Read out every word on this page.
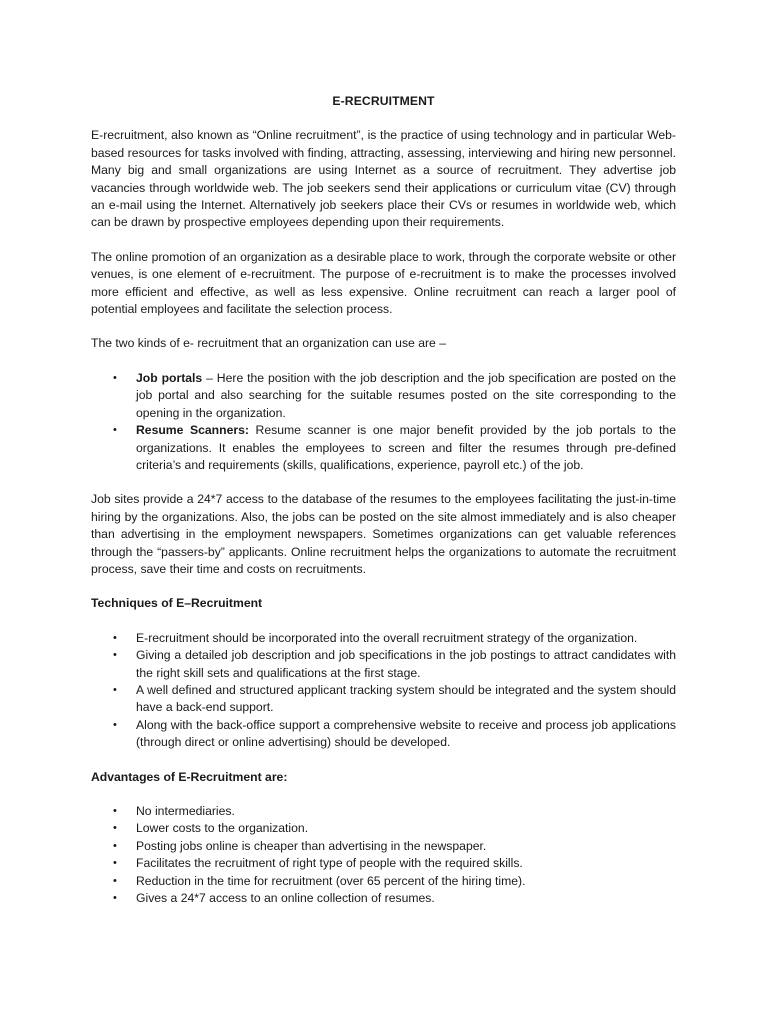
E-RECRUITMENT

E-recruitment, also known as “Online recruitment”, is the practice of using technology and in particular Web-based resources for tasks involved with finding, attracting, assessing, interviewing and hiring new personnel. Many big and small organizations are using Internet as a source of recruitment. They advertise job vacancies through worldwide web. The job seekers send their applications or curriculum vitae (CV) through an e-mail using the Internet. Alternatively job seekers place their CVs or resumes in worldwide web, which can be drawn by prospective employees depending upon their requirements.

The online promotion of an organization as a desirable place to work, through the corporate website or other venues, is one element of e-recruitment. The purpose of e-recruitment is to make the processes involved more efficient and effective, as well as less expensive. Online recruitment can reach a larger pool of potential employees and facilitate the selection process.

The two kinds of e- recruitment that an organization can use are –

• Job portals – Here the position with the job description and the job specification are posted on the job portal and also searching for the suitable resumes posted on the site corresponding to the opening in the organization.
• Resume Scanners: Resume scanner is one major benefit provided by the job portals to the organizations. It enables the employees to screen and filter the resumes through pre-defined criteria’s and requirements (skills, qualifications, experience, payroll etc.) of the job.

Job sites provide a 24*7 access to the database of the resumes to the employees facilitating the just-in-time hiring by the organizations. Also, the jobs can be posted on the site almost immediately and is also cheaper than advertising in the employment newspapers. Sometimes organizations can get valuable references through the “passers-by” applicants. Online recruitment helps the organizations to automate the recruitment process, save their time and costs on recruitments.

Techniques of E–Recruitment
• E-recruitment should be incorporated into the overall recruitment strategy of the organization.
• Giving a detailed job description and job specifications in the job postings to attract candidates with the right skill sets and qualifications at the first stage.
• A well defined and structured applicant tracking system should be integrated and the system should have a back-end support.
• Along with the back-office support a comprehensive website to receive and process job applications (through direct or online advertising) should be developed.
Advantages of E-Recruitment are:
• No intermediaries.
• Lower costs to the organization.
• Posting jobs online is cheaper than advertising in the newspaper.
• Facilitates the recruitment of right type of people with the required skills.
• Reduction in the time for recruitment (over 65 percent of the hiring time).
• Gives a 24*7 access to an online collection of resumes.
